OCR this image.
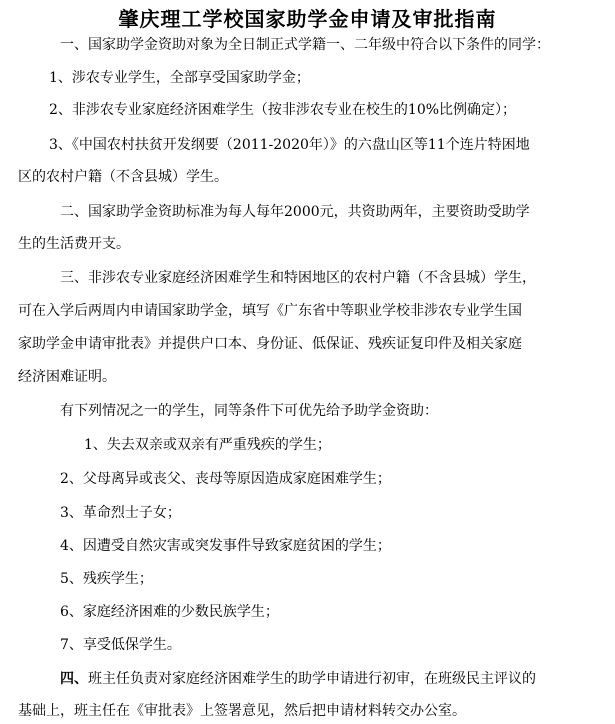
肇庆理工学校国家助学金申请及审批指南
一、国家助学金资助对象为全日制正式学籍一、二年级中符合以下条件的同学：
1、涉农专业学生，全部享受国家助学金；
2、非涉农专业家庭经济困难学生（按非涉农专业在校生的10%比例确定）；
3、《中国农村扶贫开发纲要（2011-2020年）》的六盘山区等11个连片特困地
区的农村户籍（不含县城）学生。
二、国家助学金资助标准为每人每年2000元，共资助两年，主要资助受助学
生的生活费开支。
三、非涉农专业家庭经济困难学生和特困地区的农村户籍（不含县城）学生，
可在入学后两周内申请国家助学金，填写《广东省中等职业学校非涉农专业学生国
家助学金申请审批表》并提供户口本、身份证、低保证、残疾证复印件及相关家庭
经济困难证明。
有下列情况之一的学生，同等条件下可优先给予助学金资助：
1、失去双亲或双亲有严重残疾的学生；
2、父母离异或丧父、丧母等原因造成家庭困难学生；
3、革命烈士子女；
4、因遭受自然灾害或突发事件导致家庭贫困的学生；
5、残疾学生；
6、家庭经济困难的少数民族学生；
7、享受低保学生。
四、 班主任负责对家庭经济困难学生的助学申请进行初审，在班级民主评议的
基础上，班主任在《审批表》上签署意见，然后把申请材料转交办公室。
